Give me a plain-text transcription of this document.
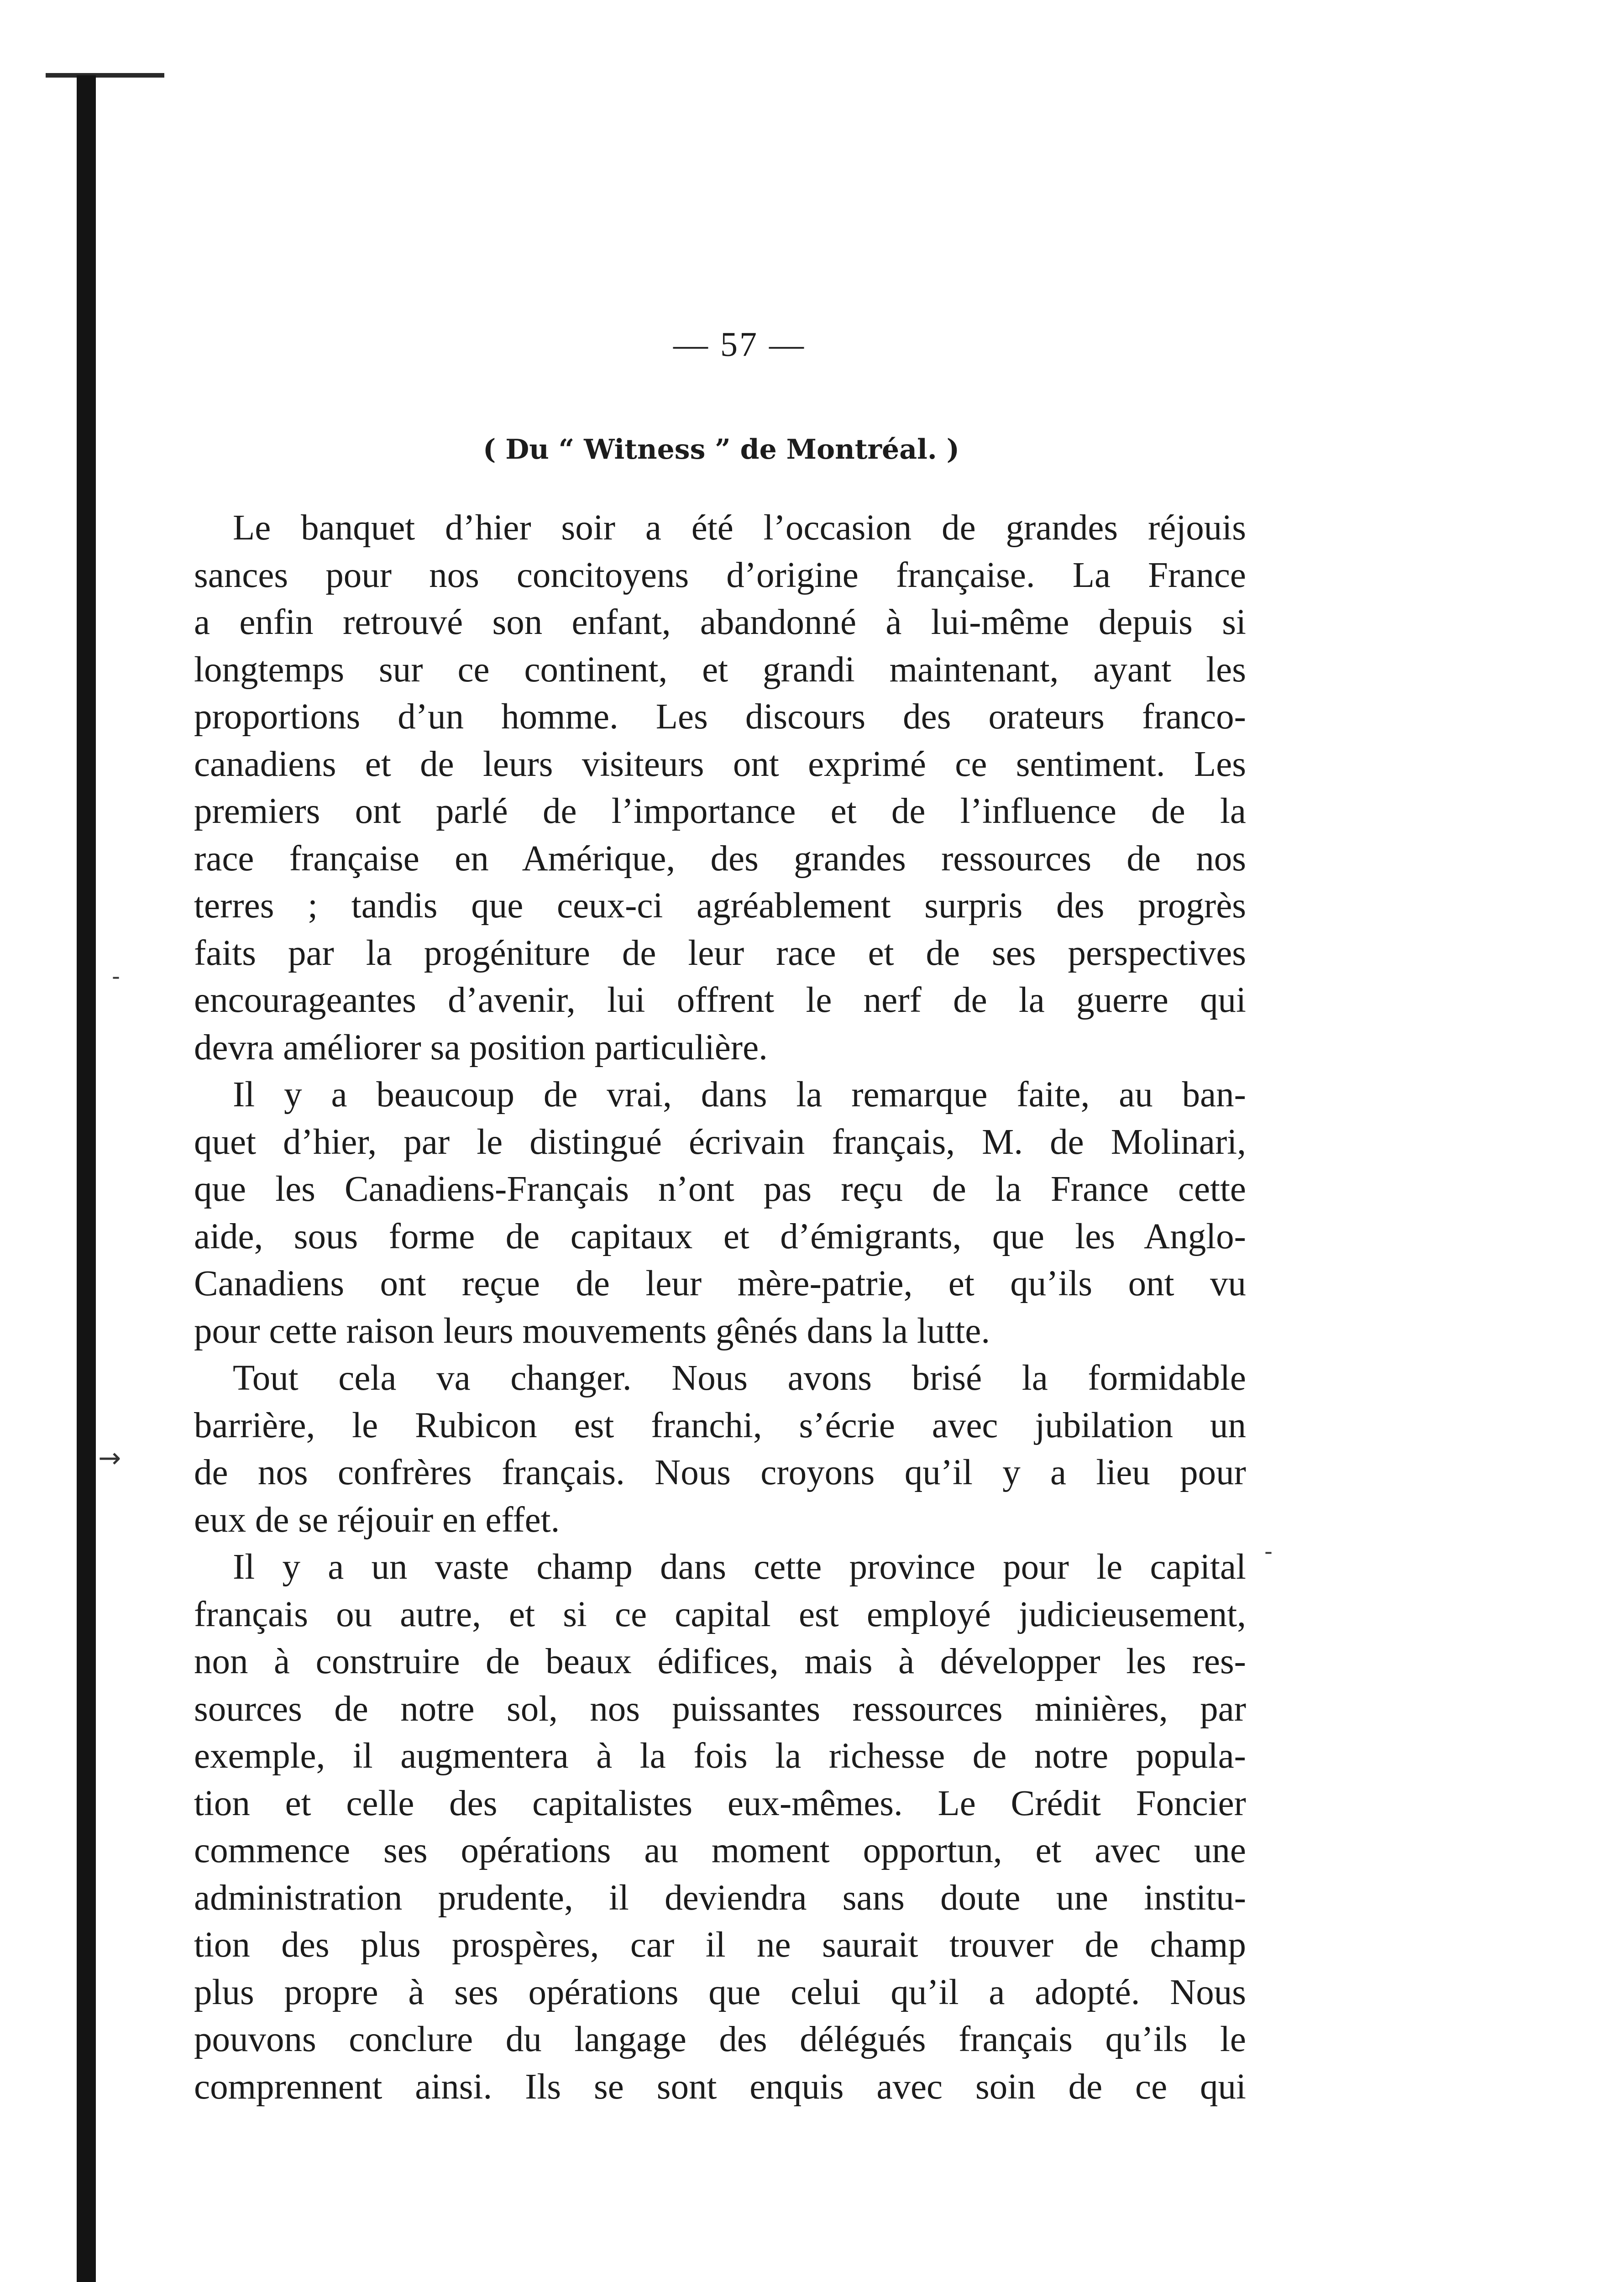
— 57 —
( Du “ Witness ” de Montréal. )
Le banquet d’hier soir a été l’occasion de grandes réjouis
sances pour nos concitoyens d’origine française. La France
a enfin retrouvé son enfant, abandonné à lui-même depuis si
longtemps sur ce continent, et grandi maintenant, ayant les
proportions d’un homme. Les discours des orateurs franco-
canadiens et de leurs visiteurs ont exprimé ce sentiment. Les
premiers ont parlé de l’importance et de l’influence de la
race française en Amérique, des grandes ressources de nos
terres ; tandis que ceux-ci agréablement surpris des progrès
faits par la progéniture de leur race et de ses perspectives
encourageantes d’avenir, lui offrent le nerf de la guerre qui
devra améliorer sa position particulière.
Il y a beaucoup de vrai, dans la remarque faite, au ban-
quet d’hier, par le distingué écrivain français, M. de Molinari,
que les Canadiens-Français n’ont pas reçu de la France cette
aide, sous forme de capitaux et d’émigrants, que les Anglo-
Canadiens ont reçue de leur mère-patrie, et qu’ils ont vu
pour cette raison leurs mouvements gênés dans la lutte.
Tout cela va changer. Nous avons brisé la formidable
barrière, le Rubicon est franchi, s’écrie avec jubilation un
de nos confrères français. Nous croyons qu’il y a lieu pour
eux de se réjouir en effet.
Il y a un vaste champ dans cette province pour le capital
français ou autre, et si ce capital est employé judicieusement,
non à construire de beaux édifices, mais à développer les res-
sources de notre sol, nos puissantes ressources minières, par
exemple, il augmentera à la fois la richesse de notre popula-
tion et celle des capitalistes eux-mêmes. Le Crédit Foncier
commence ses opérations au moment opportun, et avec une
administration prudente, il deviendra sans doute une institu-
tion des plus prospères, car il ne saurait trouver de champ
plus propre à ses opérations que celui qu’il a adopté. Nous
pouvons conclure du langage des délégués français qu’ils le
comprennent ainsi. Ils se sont enquis avec soin de ce qui
→
-
-
